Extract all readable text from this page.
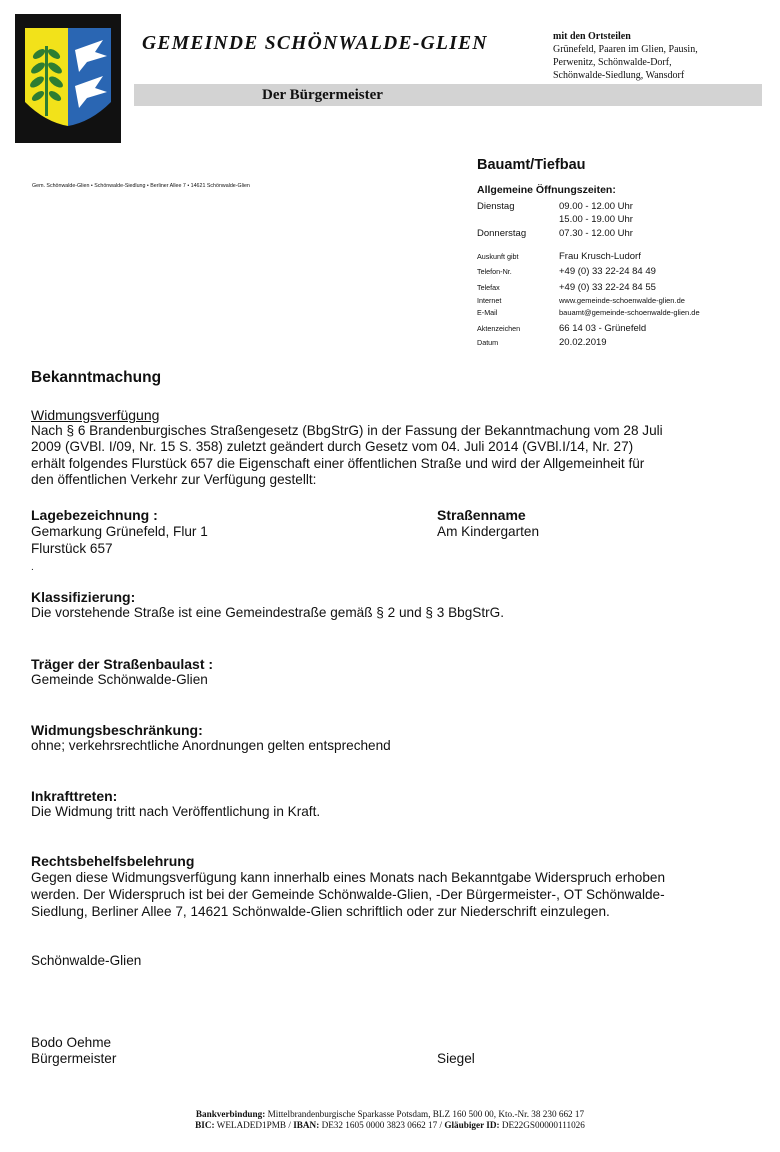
GEMEINDE SCHÖNWALDE-GLIEN	mit den Ortsteilen
Grünefeld, Paaren im Glien, Pausin,
Perwenitz, Schönwalde-Dorf,
Schönwalde-Siedlung, Wansdorf
Der Bürgermeister
Gem. Schönwalde-Glien • Schönwalde-Siedlung • Berliner Allee 7 • 14621 Schönwalde-Glien
Bauamt/Tiefbau
Allgemeine Öffnungszeiten:
Dienstag	09.00 - 12.00 Uhr
15.00 - 19.00 Uhr
Donnerstag	07.30 - 12.00 Uhr
Auskunft gibt	Frau Krusch-Ludorf
Telefon-Nr.	+49 (0) 33 22-24 84 49
Telefax	+49 (0) 33 22-24 84 55
Internet	www.gemeinde-schoenwalde-glien.de
E-Mail	bauamt@gemeinde-schoenwalde-glien.de
Aktenzeichen	66 14 03 - Grünefeld
Datum	20.02.2019
Bekanntmachung
Widmungsverfügung
Nach § 6 Brandenburgisches Straßengesetz (BbgStrG) in der Fassung der Bekanntmachung vom 28 Juli
2009 (GVBl. I/09, Nr. 15 S. 358) zuletzt geändert durch Gesetz vom 04. Juli 2014 (GVBl.I/14, Nr. 27)
erhält folgendes Flurstück 657 die Eigenschaft einer öffentlichen Straße und wird der Allgemeinheit für
den öffentlichen Verkehr zur Verfügung gestellt:
Lagebezeichnung :
Gemarkung Grünefeld, Flur 1
Flurstück 657
.
Straßenname
Am Kindergarten
Klassifizierung:
Die vorstehende Straße ist eine Gemeindestraße gemäß § 2 und § 3 BbgStrG.
Träger der Straßenbaulast :
Gemeinde Schönwalde-Glien
Widmungsbeschränkung:
ohne; verkehrsrechtliche Anordnungen gelten entsprechend
Inkrafttreten:
Die Widmung tritt nach Veröffentlichung in Kraft.
Rechtsbehelfsbelehrung
Gegen diese Widmungsverfügung kann innerhalb eines Monats nach Bekanntgabe Widerspruch erhoben
werden. Der Widerspruch ist bei der Gemeinde Schönwalde-Glien, -Der Bürgermeister-, OT Schönwalde-
Siedlung, Berliner Allee 7, 14621 Schönwalde-Glien schriftlich oder zur Niederschrift einzulegen.
Schönwalde-Glien
Bodo Oehme
Bürgermeister	Siegel
Bankverbindung: Mittelbrandenburgische Sparkasse Potsdam, BLZ 160 500 00, Kto.-Nr. 38 230 662 17
BIC: WELADED1PMB / IBAN: DE32 1605 0000 3823 0662 17 / Gläubiger ID: DE22GS00000111026
